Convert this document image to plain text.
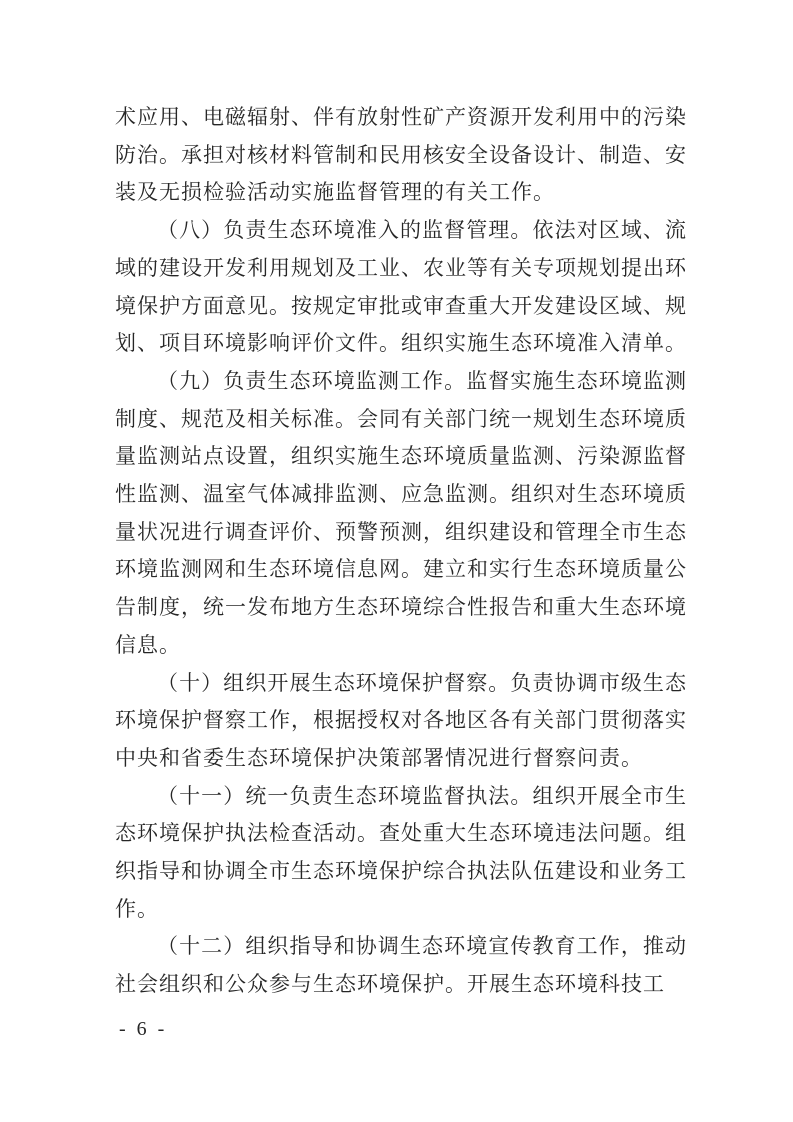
术应用、电磁辐射、伴有放射性矿产资源开发利用中的污染防治。承担对核材料管制和民用核安全设备设计、制造、安装及无损检验活动实施监督管理的有关工作。

（八）负责生态环境准入的监督管理。依法对区域、流域的建设开发利用规划及工业、农业等有关专项规划提出环境保护方面意见。按规定审批或审查重大开发建设区域、规划、项目环境影响评价文件。组织实施生态环境准入清单。

（九）负责生态环境监测工作。监督实施生态环境监测制度、规范及相关标准。会同有关部门统一规划生态环境质量监测站点设置，组织实施生态环境质量监测、污染源监督性监测、温室气体减排监测、应急监测。组织对生态环境质量状况进行调查评价、预警预测，组织建设和管理全市生态环境监测网和生态环境信息网。建立和实行生态环境质量公告制度，统一发布地方生态环境综合性报告和重大生态环境信息。

（十）组织开展生态环境保护督察。负责协调市级生态环境保护督察工作，根据授权对各地区各有关部门贯彻落实中央和省委生态环境保护决策部署情况进行督察问责。

（十一）统一负责生态环境监督执法。组织开展全市生态环境保护执法检查活动。查处重大生态环境违法问题。组织指导和协调全市生态环境保护综合执法队伍建设和业务工作。

（十二）组织指导和协调生态环境宣传教育工作，推动社会组织和公众参与生态环境保护。开展生态环境科技工

- 6 -
